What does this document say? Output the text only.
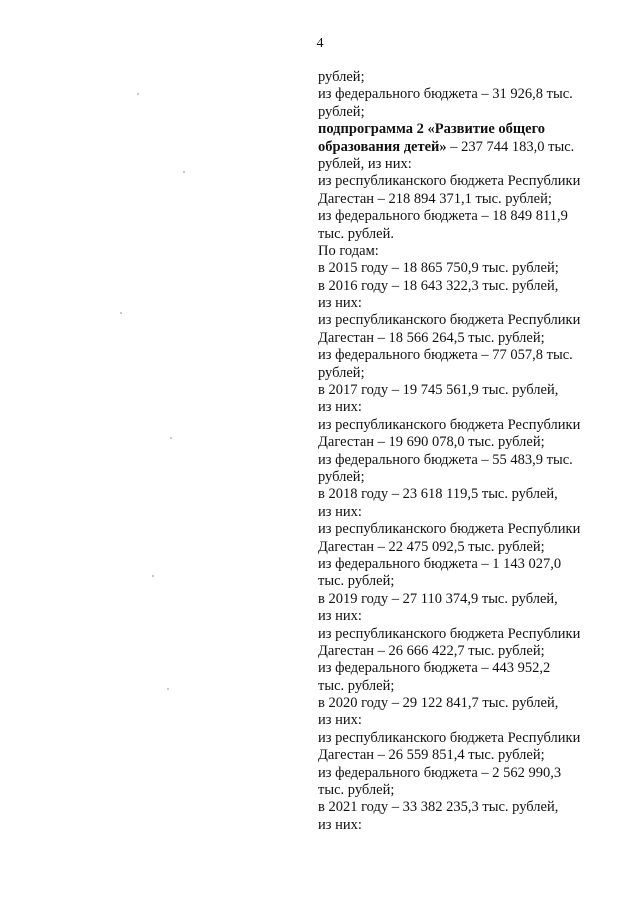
4
рублей;
из федерального бюджета – 31 926,8 тыс.
рублей;
подпрограмма 2 «Развитие общего
образования детей» – 237 744 183,0 тыс.
рублей, из них:
из республиканского бюджета Республики
Дагестан – 218 894 371,1 тыс. рублей;
из федерального бюджета – 18 849 811,9
тыс. рублей.
По годам:
в 2015 году – 18 865 750,9 тыс. рублей;
в 2016 году – 18 643 322,3 тыс. рублей,
из них:
из республиканского бюджета Республики
Дагестан – 18 566 264,5 тыс. рублей;
из федерального бюджета – 77 057,8 тыс.
рублей;
в 2017 году – 19 745 561,9 тыс. рублей,
из них:
из республиканского бюджета Республики
Дагестан – 19 690 078,0 тыс. рублей;
из федерального бюджета – 55 483,9 тыс.
рублей;
в 2018 году – 23 618 119,5 тыс. рублей,
из них:
из республиканского бюджета Республики
Дагестан – 22 475 092,5 тыс. рублей;
из федерального бюджета – 1 143 027,0
тыс. рублей;
в 2019 году – 27 110 374,9 тыс. рублей,
из них:
из республиканского бюджета Республики
Дагестан – 26 666 422,7 тыс. рублей;
из федерального бюджета – 443 952,2
тыс. рублей;
в 2020 году – 29 122 841,7 тыс. рублей,
из них:
из республиканского бюджета Республики
Дагестан – 26 559 851,4 тыс. рублей;
из федерального бюджета – 2 562 990,3
тыс. рублей;
в 2021 году – 33 382 235,3 тыс. рублей,
из них:
